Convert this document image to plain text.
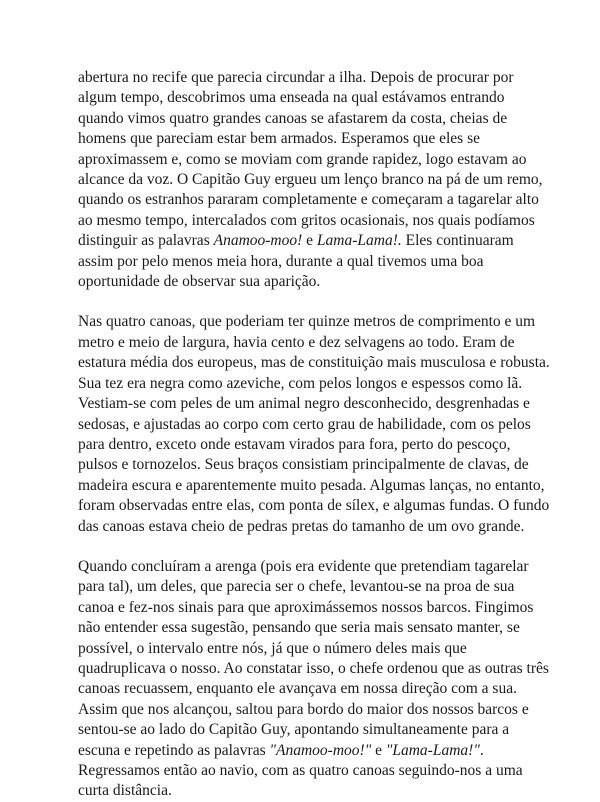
abertura no recife que parecia circundar a ilha. Depois de procurar por
algum tempo, descobrimos uma enseada na qual estávamos entrando
quando vimos quatro grandes canoas se afastarem da costa, cheias de
homens que pareciam estar bem armados. Esperamos que eles se
aproximassem e, como se moviam com grande rapidez, logo estavam ao
alcance da voz. O Capitão Guy ergueu um lenço branco na pá de um remo,
quando os estranhos pararam completamente e começaram a tagarelar alto
ao mesmo tempo, intercalados com gritos ocasionais, nos quais podíamos
distinguir as palavras Anamoo-moo! e Lama-Lama!. Eles continuaram
assim por pelo menos meia hora, durante a qual tivemos uma boa
oportunidade de observar sua aparição.

Nas quatro canoas, que poderiam ter quinze metros de comprimento e um
metro e meio de largura, havia cento e dez selvagens ao todo. Eram de
estatura média dos europeus, mas de constituição mais musculosa e robusta.
Sua tez era negra como azeviche, com pelos longos e espessos como lã.
Vestiam-se com peles de um animal negro desconhecido, desgrenhadas e
sedosas, e ajustadas ao corpo com certo grau de habilidade, com os pelos
para dentro, exceto onde estavam virados para fora, perto do pescoço,
pulsos e tornozelos. Seus braços consistiam principalmente de clavas, de
madeira escura e aparentemente muito pesada. Algumas lanças, no entanto,
foram observadas entre elas, com ponta de sílex, e algumas fundas. O fundo
das canoas estava cheio de pedras pretas do tamanho de um ovo grande.

Quando concluíram a arenga (pois era evidente que pretendiam tagarelar
para tal), um deles, que parecia ser o chefe, levantou-se na proa de sua
canoa e fez-nos sinais para que aproximássemos nossos barcos. Fingimos
não entender essa sugestão, pensando que seria mais sensato manter, se
possível, o intervalo entre nós, já que o número deles mais que
quadruplicava o nosso. Ao constatar isso, o chefe ordenou que as outras três
canoas recuassem, enquanto ele avançava em nossa direção com a sua.
Assim que nos alcançou, saltou para bordo do maior dos nossos barcos e
sentou-se ao lado do Capitão Guy, apontando simultaneamente para a
escuna e repetindo as palavras "Anamoo-moo!" e "Lama-Lama!".
Regressamos então ao navio, com as quatro canoas seguindo-nos a uma
curta distância.
